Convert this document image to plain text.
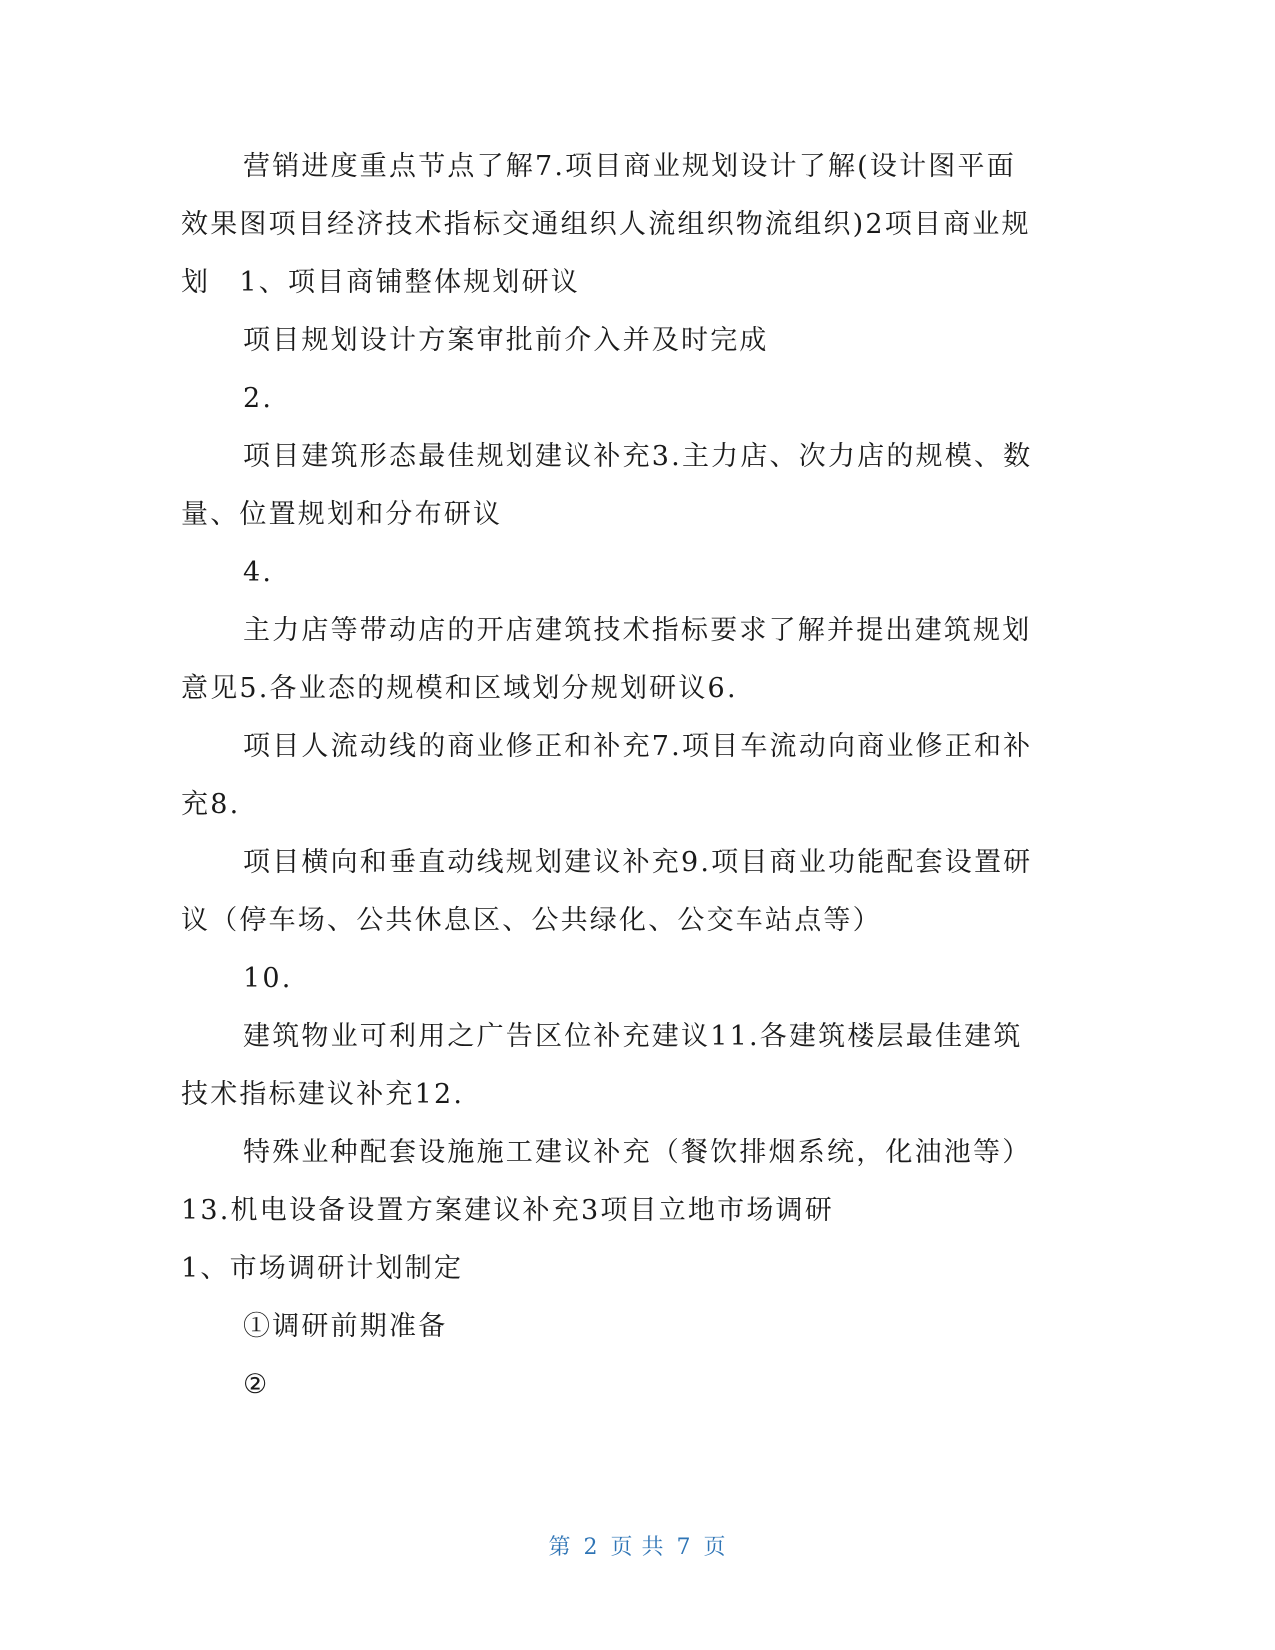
营销进度重点节点了解7.项目商业规划设计了解(设计图平面效果图项目经济技术指标交通组织人流组织物流组织)2项目商业规划　1、项目商铺整体规划研议

项目规划设计方案审批前介入并及时完成

2.

项目建筑形态最佳规划建议补充3.主力店、次力店的规模、数量、位置规划和分布研议

4.

主力店等带动店的开店建筑技术指标要求了解并提出建筑规划意见5.各业态的规模和区域划分规划研议6.

项目人流动线的商业修正和补充7.项目车流动向商业修正和补充8.

项目横向和垂直动线规划建议补充9.项目商业功能配套设置研议（停车场、公共休息区、公共绿化、公交车站点等）

10.

建筑物业可利用之广告区位补充建议11.各建筑楼层最佳建筑技术指标建议补充12.

特殊业种配套设施施工建议补充（餐饮排烟系统，化油池等）13.机电设备设置方案建议补充3项目立地市场调研

1、市场调研计划制定

①调研前期准备

②

第 2 页 共 7 页
